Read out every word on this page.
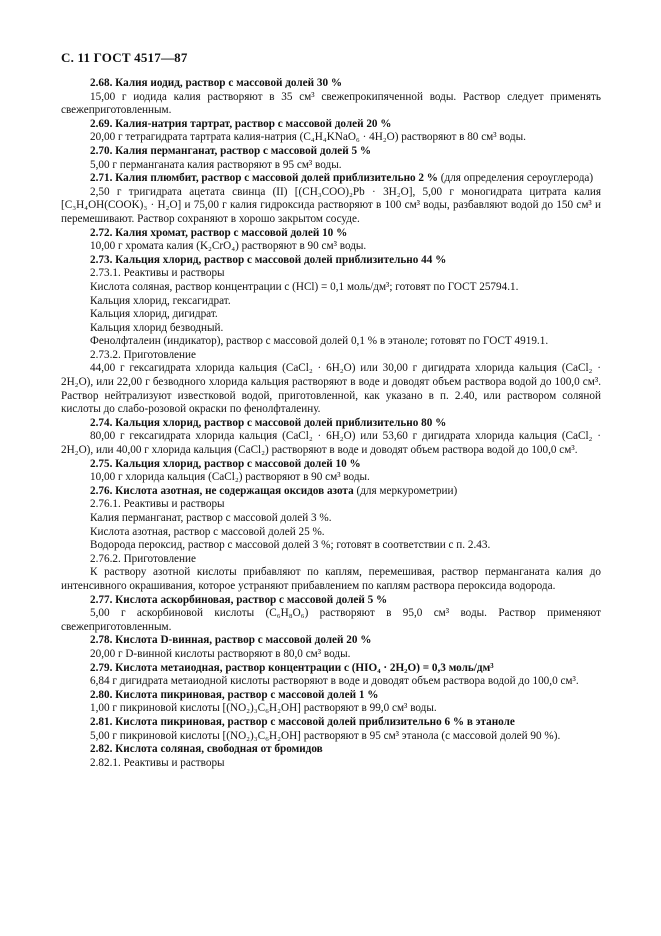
С. 11 ГОСТ 4517—87

2.68. Калия иодид, раствор с массовой долей 30 %

15,00 г иодида калия растворяют в 35 см³ свежепрокипяченной воды. Раствор следует применять свежеприготовленным.

2.69. Калия-натрия тартрат, раствор с массовой долей 20 %

20,00 г тетрагидрата тартрата калия-натрия (C₄H₄KNaO₆ · 4H₂O) растворяют в 80 см³ воды.

2.70. Калия перманганат, раствор с массовой долей 5 %

5,00 г перманганата калия растворяют в 95 см³ воды.

2.71. Калия плюмбит, раствор с массовой долей приблизительно 2 % (для определения сероуглерода)

2,50 г тригидрата ацетата свинца (II) [(CH₃COO)₂Pb · 3H₂O], 5,00 г моногидрата цитрата калия [C₃H₄OH(COOK)₃ · H₂O] и 75,00 г калия гидроксида растворяют в 100 см³ воды, разбавляют водой до 150 см³ и перемешивают. Раствор сохраняют в хорошо закрытом сосуде.

2.72. Калия хромат, раствор с массовой долей 10 %

10,00 г хромата калия (K₂CrO₄) растворяют в 90 см³ воды.

2.73. Кальция хлорид, раствор с массовой долей приблизительно 44 %

2.73.1. Реактивы и растворы

Кислота соляная, раствор концентрации c (HCl) = 0,1 моль/дм³; готовят по ГОСТ 25794.1.

Кальция хлорид, гексагидрат.

Кальция хлорид, дигидрат.

Кальция хлорид безводный.

Фенолфталеин (индикатор), раствор с массовой долей 0,1 % в этаноле; готовят по ГОСТ 4919.1.

2.73.2. Приготовление

44,00 г гексагидрата хлорида кальция (CaCl₂ · 6H₂O) или 30,00 г дигидрата хлорида кальция (CaCl₂ · 2H₂O), или 22,00 г безводного хлорида кальция растворяют в воде и доводят объем раствора водой до 100,0 см³. Раствор нейтрализуют известковой водой, приготовленной, как указано в п. 2.40, или раствором соляной кислоты до слабо-розовой окраски по фенолфталеину.

2.74. Кальция хлорид, раствор с массовой долей приблизительно 80 %

80,00 г гексагидрата хлорида кальция (CaCl₂ · 6H₂O) или 53,60 г дигидрата хлорида кальция (CaCl₂ · 2H₂O), или 40,00 г хлорида кальция (CaCl₂) растворяют в воде и доводят объем раствора водой до 100,0 см³.

2.75. Кальция хлорид, раствор с массовой долей 10 %

10,00 г хлорида кальция (CaCl₂) растворяют в 90 см³ воды.

2.76. Кислота азотная, не содержащая оксидов азота (для меркурометрии)

2.76.1. Реактивы и растворы

Калия перманганат, раствор с массовой долей 3 %.

Кислота азотная, раствор с массовой долей 25 %.

Водорода пероксид, раствор с массовой долей 3 %; готовят в соответствии с п. 2.43.

2.76.2. Приготовление

К раствору азотной кислоты прибавляют по каплям, перемешивая, раствор перманганата калия до интенсивного окрашивания, которое устраняют прибавлением по каплям раствора пероксида водорода.

2.77. Кислота аскорбиновая, раствор с массовой долей 5 %

5,00 г аскорбиновой кислоты (C₆H₈O₆) растворяют в 95,0 см³ воды. Раствор применяют свежеприготовленным.

2.78. Кислота D-винная, раствор с массовой долей 20 %

20,00 г D-винной кислоты растворяют в 80,0 см³ воды.

2.79. Кислота метаиодная, раствор концентрации c (HIO₄ · 2H₂O) = 0,3 моль/дм³

6,84 г дигидрата метаиодной кислоты растворяют в воде и доводят объем раствора водой до 100,0 см³.

2.80. Кислота пикриновая, раствор с массовой долей 1 %

1,00 г пикриновой кислоты [(NO₂)₃C₆H₂OH] растворяют в 99,0 см³ воды.

2.81. Кислота пикриновая, раствор с массовой долей приблизительно 6 % в этаноле

5,00 г пикриновой кислоты [(NO₂)₃C₆H₂OH] растворяют в 95 см³ этанола (с массовой долей 90 %).

2.82. Кислота соляная, свободная от бромидов

2.82.1. Реактивы и растворы
